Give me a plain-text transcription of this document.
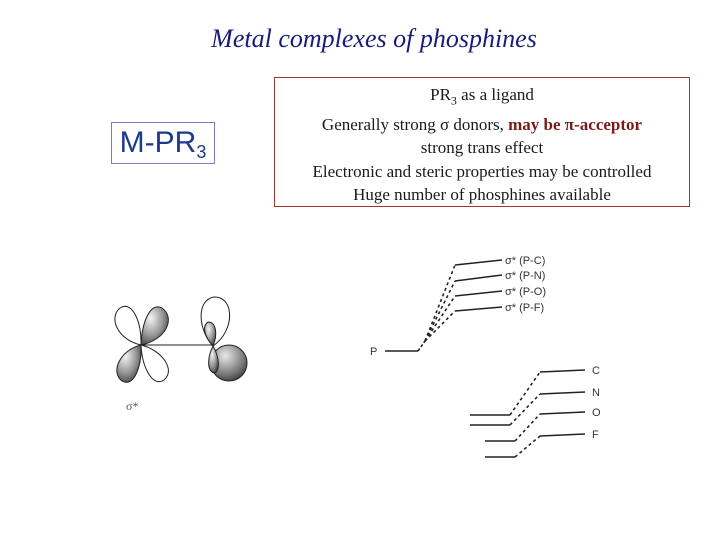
Metal complexes of phosphines
$M-PR_3$
$PR_3$ as a ligand
Generally strong σ donors, may be π-acceptor
strong trans effect
Electronic and steric properties may be controlled
Huge number of phosphines available
σ*
P
σ* (P-C)
σ* (P-N)
σ* (P-O)
σ* (P-F)
C
N
O
F
